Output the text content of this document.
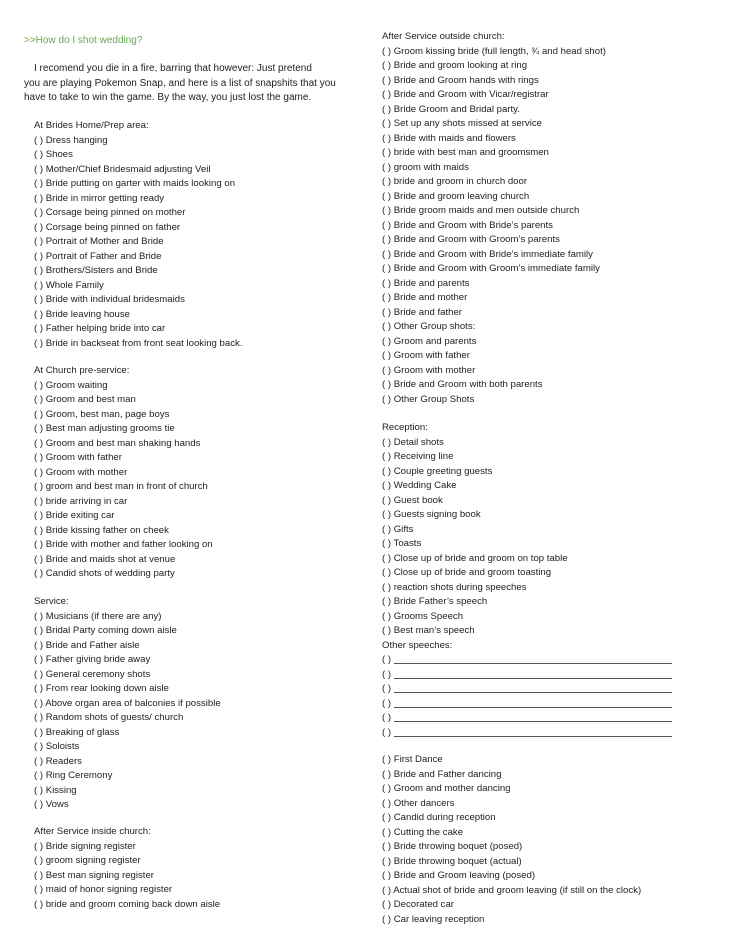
>>How do I shot wedding?
I recomend you die in a fire, barring that however: Just pretend
you are playing Pokemon Snap, and here is a list of snapshits that you
have to take to win the game. By the way, you just lost the game.
At Brides Home/Prep area:
( ) Dress hanging
( ) Shoes
( ) Mother/Chief Bridesmaid adjusting Veil
( ) Bride putting on garter with maids looking on
( ) Bride in mirror getting ready
( ) Corsage being pinned on mother
( ) Corsage being pinned on father
( ) Portrait of Mother and Bride
( ) Portrait of Father and Bride
( ) Brothers/Sisters and Bride
( ) Whole Family
( ) Bride with individual bridesmaids
( ) Bride leaving house
( ) Father helping bride into car
( ) Bride in backseat from front seat looking back.
At Church pre-service:
( ) Groom waiting
( ) Groom and best man
( ) Groom, best man, page boys
( ) Best man adjusting grooms tie
( ) Groom and best man shaking hands
( ) Groom with father
( ) Groom with mother
( ) groom and best man in front of church
( ) bride arriving in car
( ) Bride exiting car
( ) Bride kissing father on cheek
( ) Bride with mother and father looking on
( ) Bride and maids shot at venue
( ) Candid shots of wedding party
Service:
( ) Musicians (if there are any)
( ) Bridal Party coming down aisle
( ) Bride and Father aisle
( ) Father giving bride away
( ) General ceremony shots
( ) From rear looking down aisle
( ) Above organ area of balconies if possible
( ) Random shots of guests/ church
( ) Breaking of glass
( ) Soloists
( ) Readers
( ) Ring Ceremony
( ) Kissing
( ) Vows
After Service inside church:
( ) Bride signing register
( ) groom signing register
( ) Best man signing register
( ) maid of honor signing register
( ) bride and groom coming back down aisle
After Service outside church:
( ) Groom kissing bride (full length, ¾ and head shot)
( ) Bride and groom looking at ring
( ) Bride and Groom hands with rings
( ) Bride and Groom with Vicar/registrar
( ) Bride Groom and Bridal party.
( ) Set up any shots missed at service
( ) Bride with maids and flowers
( ) bride with best man and groomsmen
( ) groom with maids
( ) bride and groom in church door
( ) Bride and groom leaving church
( ) Bride groom maids and men outside church
( ) Bride and Groom with Bride’s parents
( ) Bride and Groom with Groom’s parents
( ) Bride and Groom with Bride’s immediate family
( ) Bride and Groom with Groom’s immediate family
( ) Bride and parents
( ) Bride and mother
( ) Bride and father
( ) Other Group shots:
( ) Groom and parents
( ) Groom with father
( ) Groom with mother
( ) Bride and Groom with both parents
( ) Other Group Shots
Reception:
( ) Detail shots
( ) Receiving line
( ) Couple greeting guests
( ) Wedding Cake
( ) Guest book
( ) Guests signing book
( ) Gifts
( ) Toasts
( ) Close up of bride and groom on top table
( ) Close up of bride and groom toasting
( ) reaction shots during speeches
( ) Bride Father’s speech
( ) Grooms Speech
( ) Best man’s speech
Other speeches:
( )
( )
( )
( )
( )
( )
( ) First Dance
( ) Bride and Father dancing
( ) Groom and mother dancing
( ) Other dancers
( ) Candid during reception
( ) Cutting the cake
( ) Bride throwing boquet (posed)
( ) Bride throwing boquet (actual)
( ) Bride and Groom leaving (posed)
( ) Actual shot of bride and groom leaving (if still on the clock)
( ) Decorated car
( ) Car leaving reception
